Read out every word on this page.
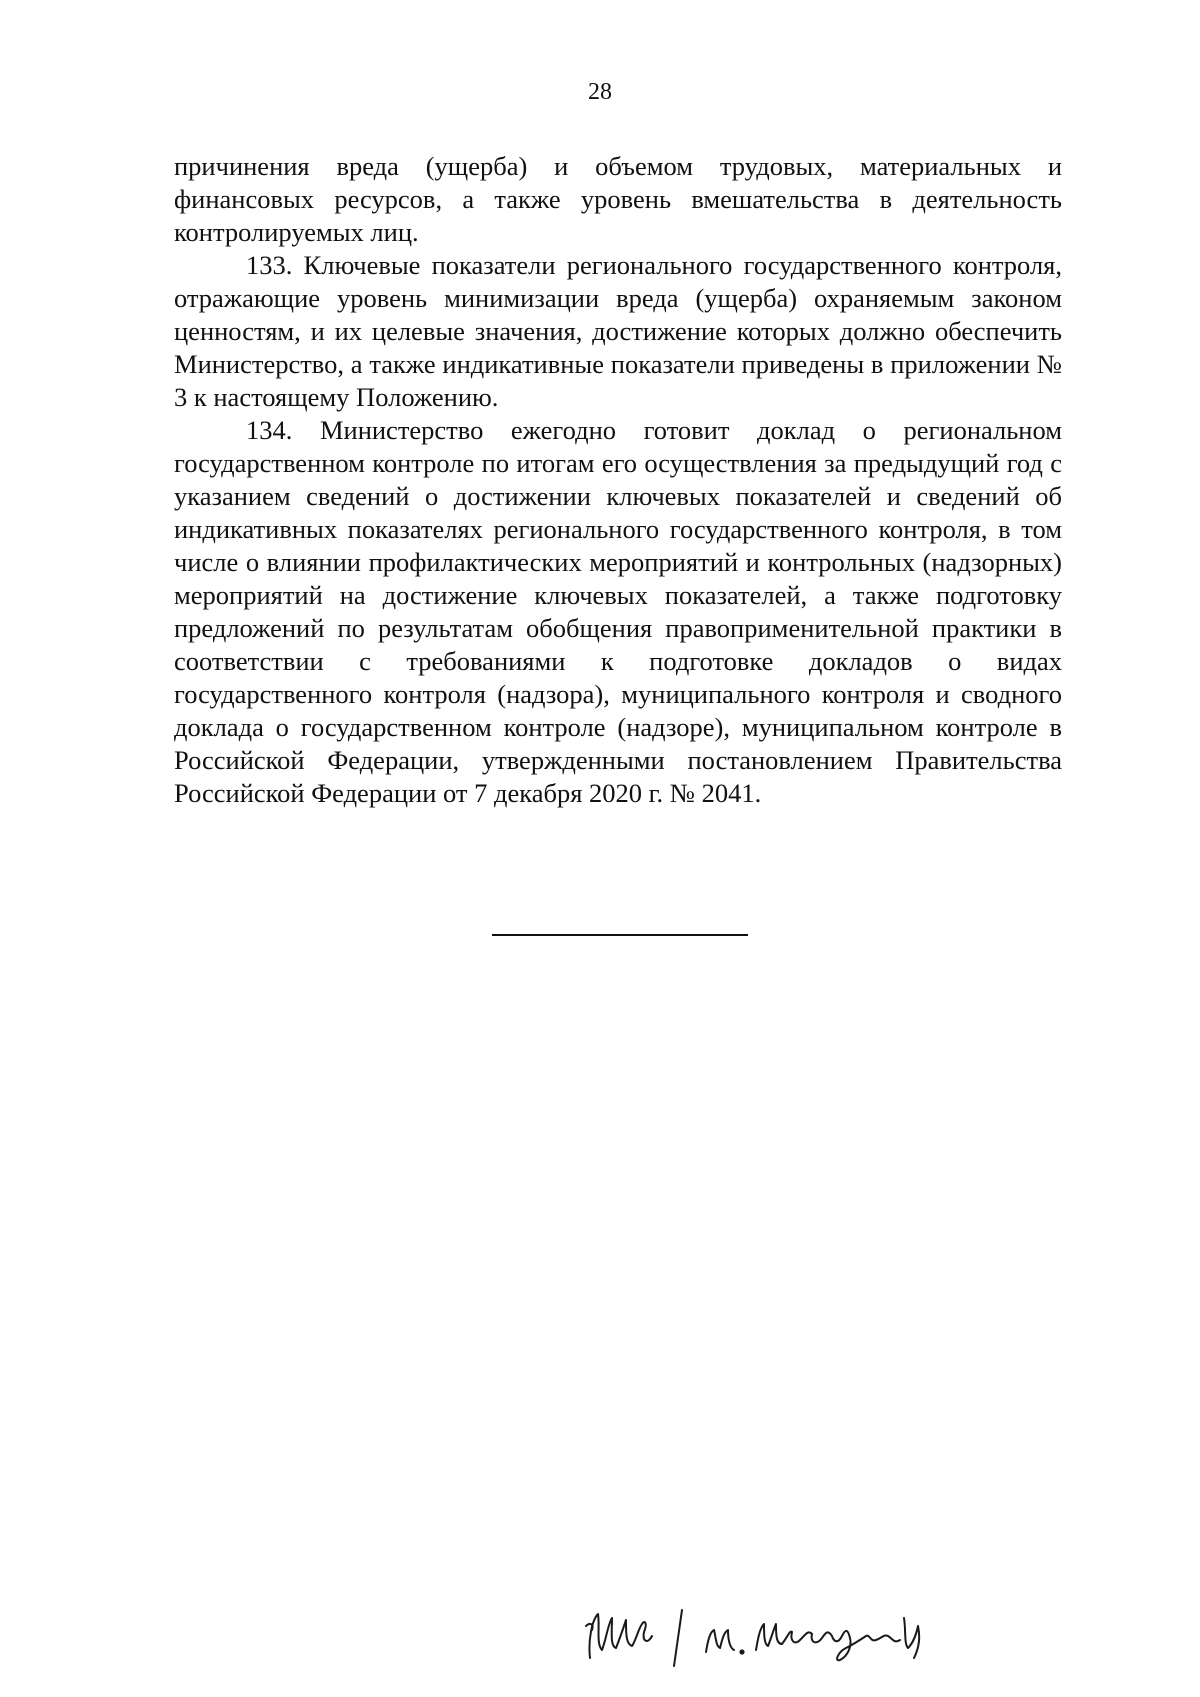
28

причинения вреда (ущерба) и объемом трудовых, материальных и финансовых ресурсов, а также уровень вмешательства в деятельность контролируемых лиц.

133. Ключевые показатели регионального государственного контроля, отражающие уровень минимизации вреда (ущерба) охраняемым законом ценностям, и их целевые значения, достижение которых должно обеспечить Министерство, а также индикативные показатели приведены в приложении № 3 к настоящему Положению.

134. Министерство ежегодно готовит доклад о региональном государственном контроле по итогам его осуществления за предыдущий год с указанием сведений о достижении ключевых показателей и сведений об индикативных показателях регионального государственного контроля, в том числе о влиянии профилактических мероприятий и контрольных (надзорных) мероприятий на достижение ключевых показателей, а также подготовку предложений по результатам обобщения правоприменительной практики в соответствии с требованиями к подготовке докладов о видах государственного контроля (надзора), муниципального контроля и сводного доклада о государственном контроле (надзоре), муниципальном контроле в Российской Федерации, утвержденными постановлением Правительства Российской Федерации от 7 декабря 2020 г. № 2041.
